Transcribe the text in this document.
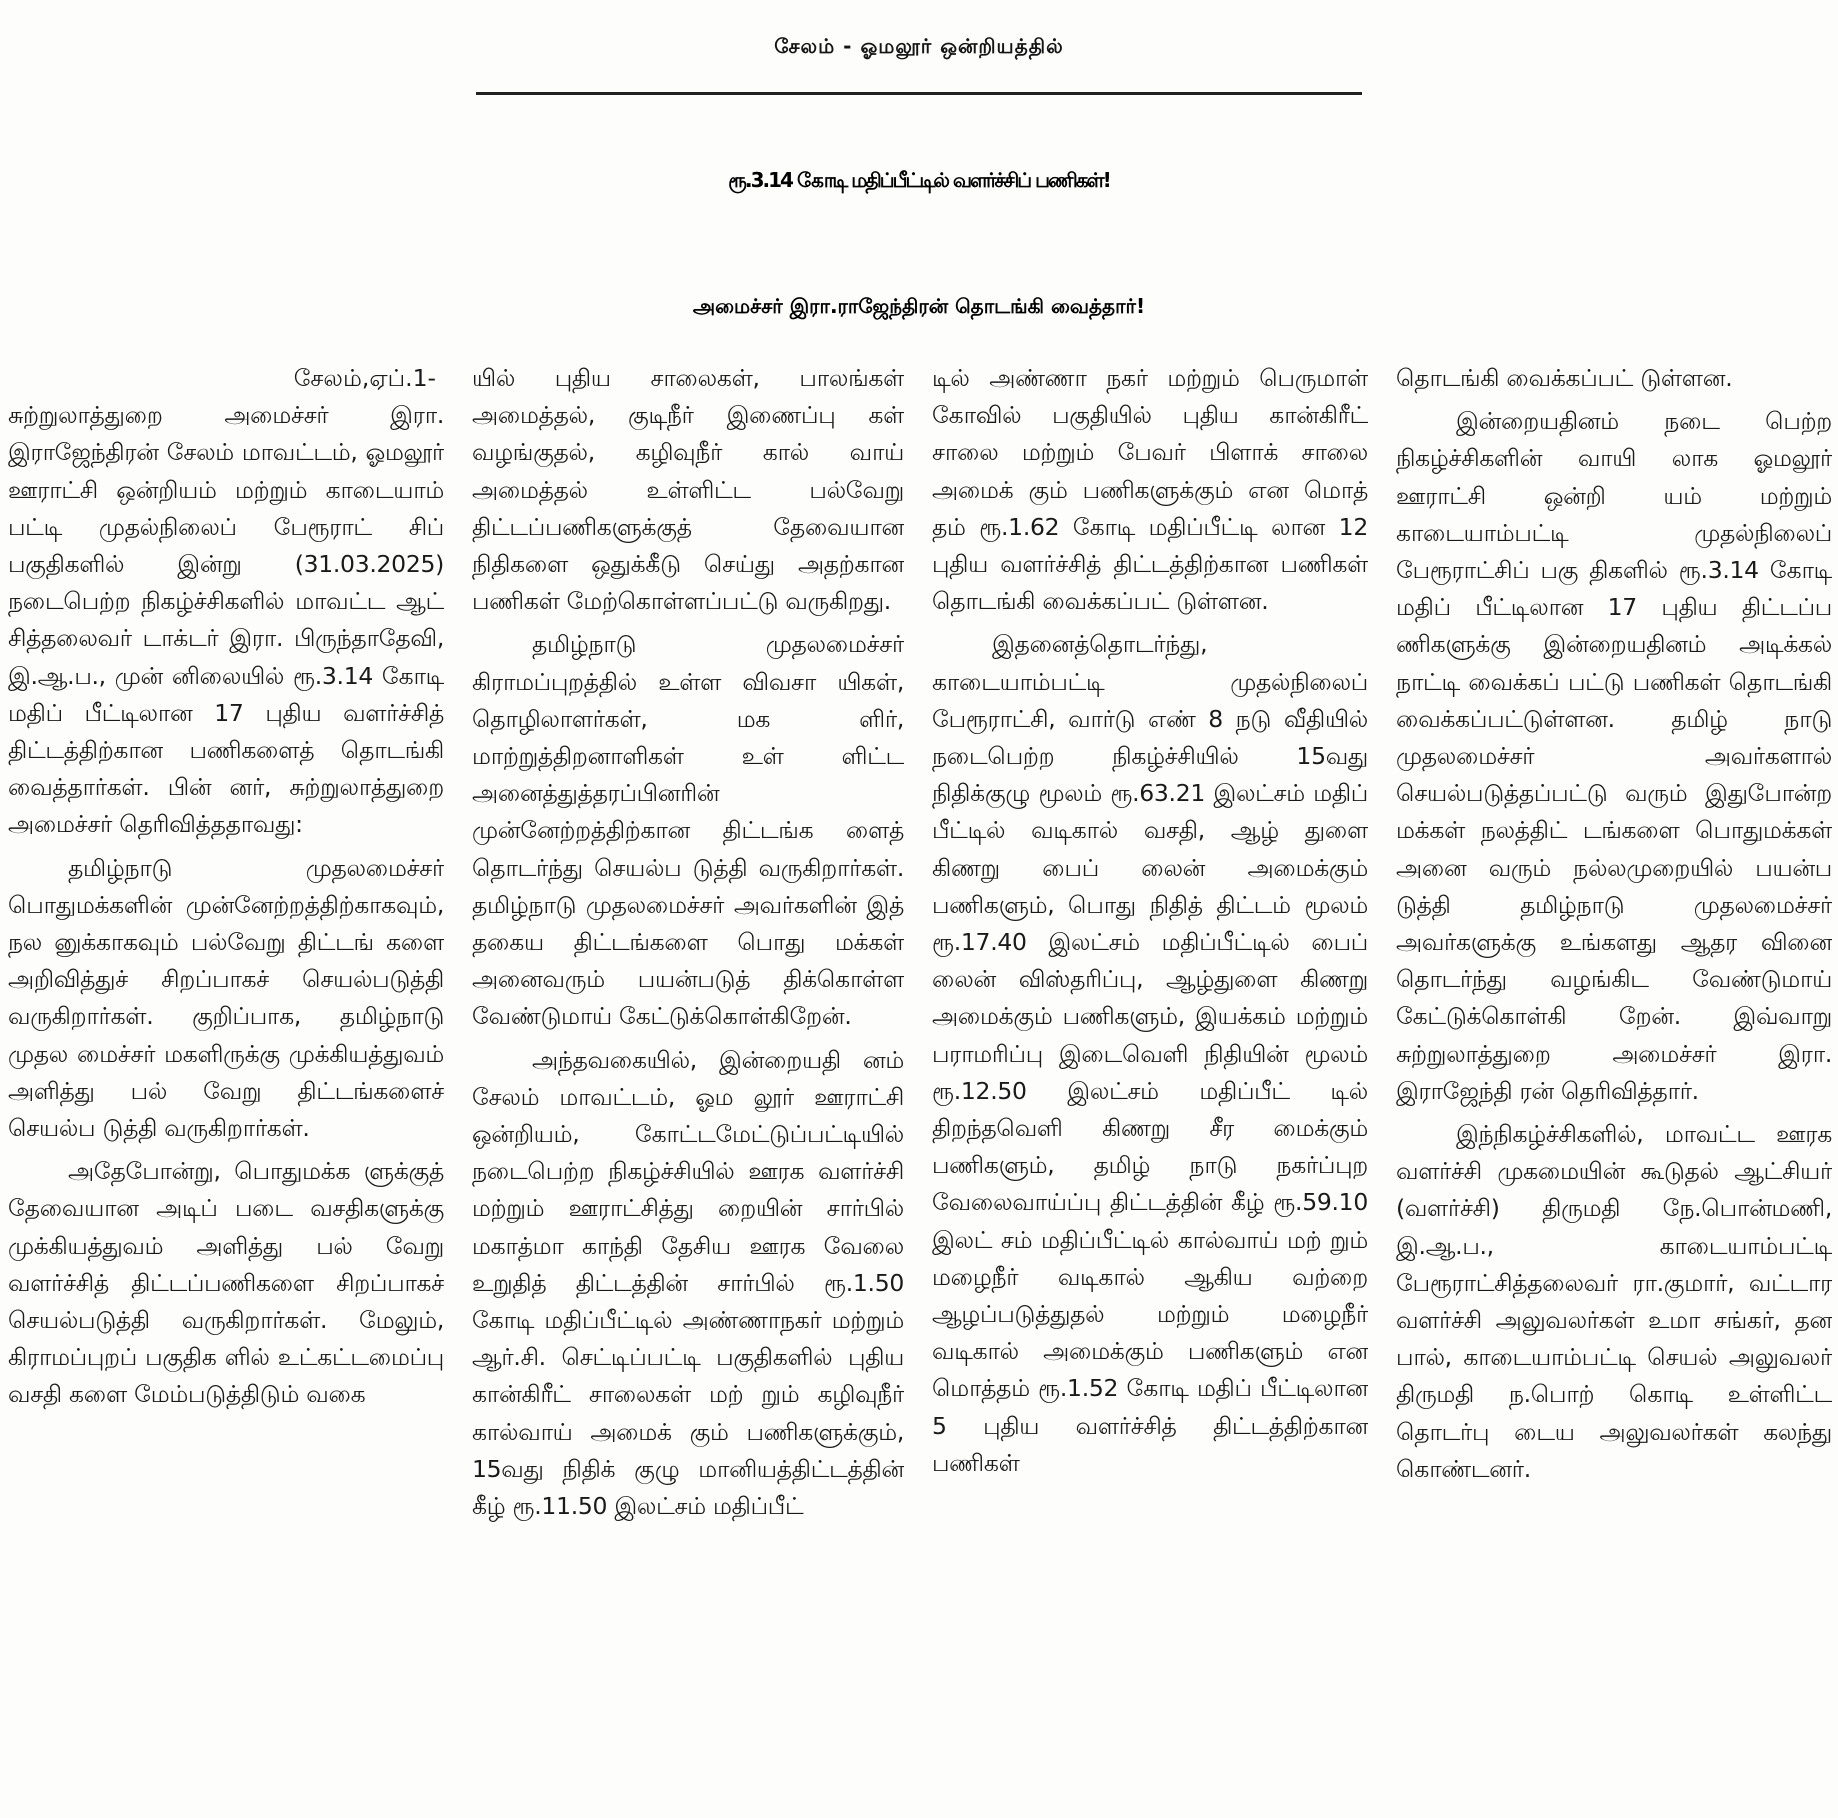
சேலம் - ஓமலூர் ஒன்றியத்தில்
ரூ.3.14 கோடி மதிப்பீட்டில் வளர்ச்சிப் பணிகள்!
அமைச்சர் இரா.ராஜேந்திரன் தொடங்கி வைத்தார்!

சேலம்,ஏப்.1-

சுற்றுலாத்துறை அமைச்சர் இரா. இராஜேந்திரன் சேலம் மாவட்டம், ஓமலூர் ஊராட்சி ஒன்றியம் மற்றும் காடையாம் பட்டி முதல்நிலைப் பேரூராட் சிப் பகுதிகளில் இன்று (31.03.2025) நடைபெற்ற நிகழ்ச்சிகளில் மாவட்ட ஆட் சித்தலைவர் டாக்டர் இரா. பிருந்தாதேவி, இ.ஆ.ப., முன் னிலையில் ரூ.3.14 கோடி மதிப் பீட்டிலான 17 புதிய வளர்ச்சித் திட்டத்திற்கான பணிகளைத் தொடங்கி வைத்தார்கள். பின் னர், சுற்றுலாத்துறை அமைச்சர் தெரிவித்ததாவது:

தமிழ்நாடு முதலமைச்சர் பொதுமக்களின் முன்னேற்றத்திற்காகவும், நல னுக்காகவும் பல்வேறு திட்டங் களை அறிவித்துச் சிறப்பாகச் செயல்படுத்தி வருகிறார்கள். குறிப்பாக, தமிழ்நாடு முதல மைச்சர் மகளிருக்கு முக்கியத்துவம் அளித்து பல் வேறு திட்டங்களைச் செயல்ப டுத்தி வருகிறார்கள்.

அதேபோன்று, பொதுமக்க ளுக்குத் தேவையான அடிப் படை வசதிகளுக்கு முக்கியத்துவம் அளித்து பல் வேறு வளர்ச்சித் திட்டப்பணிகளை சிறப்பாகச் செயல்படுத்தி வருகிறார்கள். மேலும், கிராமப்புறப் பகுதிக ளில் உட்கட்டமைப்பு வசதி களை மேம்படுத்திடும் வகை

யில் புதிய சாலைகள், பாலங்கள் அமைத்தல், குடிநீர் இணைப்பு கள் வழங்குதல், கழிவுநீர் கால் வாய் அமைத்தல் உள்ளிட்ட பல்வேறு திட்டப்பணிகளுக்குத் தேவையான நிதிகளை ஒதுக்கீடு செய்து அதற்கான பணிகள் மேற்கொள்ளப்பட்டு வருகிறது.

தமிழ்நாடு முதலமைச்சர் கிராமப்புறத்தில் உள்ள விவசா யிகள், தொழிலாளர்கள், மக ளிர், மாற்றுத்திறனாளிகள் உள் ளிட்ட அனைத்துத்தரப்பினரின் முன்னேற்றத்திற்கான திட்டங்க ளைத் தொடர்ந்து செயல்ப டுத்தி வருகிறார்கள். தமிழ்நாடு முதலமைச்சர் அவர்களின் இத் தகைய திட்டங்களை பொது மக்கள் அனைவரும் பயன்படுத் திக்கொள்ள வேண்டுமாய் கேட்டுக்கொள்கிறேன்.

அந்தவகையில், இன்றையதி னம் சேலம் மாவட்டம், ஓம லூர் ஊராட்சி ஒன்றியம், கோட்டமேட்டுப்பட்டியில் நடைபெற்ற நிகழ்ச்சியில் ஊரக வளர்ச்சி மற்றும் ஊராட்சித்து றையின் சார்பில் மகாத்மா காந்தி தேசிய ஊரக வேலை உறுதித் திட்டத்தின் சார்பில் ரூ.1.50 கோடி மதிப்பீட்டில் அண்ணாநகர் மற்றும் ஆர்.சி. செட்டிப்பட்டி பகுதிகளில் புதிய கான்கிரீட் சாலைகள் மற் றும் கழிவுநீர் கால்வாய் அமைக் கும் பணிகளுக்கும், 15வது நிதிக் குழு மானியத்திட்டத்தின் கீழ் ரூ.11.50 இலட்சம் மதிப்பீட்

டில் அண்ணா நகர் மற்றும் பெருமாள் கோவில் பகுதியில் புதிய கான்கிரீட் சாலை மற்றும் பேவர் பிளாக் சாலை அமைக் கும் பணிகளுக்கும் என மொத் தம் ரூ.1.62 கோடி மதிப்பீட்டி லான 12 புதிய வளர்ச்சித் திட்டத்திற்கான பணிகள் தொடங்கி வைக்கப்பட் டுள்ளன.

இதனைத்தொடர்ந்து, காடையாம்பட்டி முதல்நிலைப் பேரூராட்சி, வார்டு எண் 8 நடு வீதியில் நடைபெற்ற நிகழ்ச்சியில் 15வது நிதிக்குழு மூலம் ரூ.63.21 இலட்சம் மதிப் பீட்டில் வடிகால் வசதி, ஆழ் துளை கிணறு பைப் லைன் அமைக்கும் பணிகளும், பொது நிதித் திட்டம் மூலம் ரூ.17.40 இலட்சம் மதிப்பீட்டில் பைப் லைன் விஸ்தரிப்பு, ஆழ்துளை கிணறு அமைக்கும் பணிகளும், இயக்கம் மற்றும் பராமரிப்பு இடைவெளி நிதியின் மூலம் ரூ.12.50 இலட்சம் மதிப்பீட் டில் திறந்தவெளி கிணறு சீர மைக்கும் பணிகளும், தமிழ் நாடு நகர்ப்புற வேலைவாய்ப்பு திட்டத்தின் கீழ் ரூ.59.10 இலட் சம் மதிப்பீட்டில் கால்வாய் மற் றும் மழைநீர் வடிகால் ஆகிய வற்றை ஆழப்படுத்துதல் மற்றும் மழைநீர் வடிகால் அமைக்கும் பணிகளும் என மொத்தம் ரூ.1.52 கோடி மதிப் பீட்டிலான 5 புதிய வளர்ச்சித் திட்டத்திற்கான பணிகள்

தொடங்கி வைக்கப்பட் டுள்ளன.

இன்றையதினம் நடை பெற்ற நிகழ்ச்சிகளின் வாயி லாக ஓமலூர் ஊராட்சி ஒன்றி யம் மற்றும் காடையாம்பட்டி முதல்நிலைப் பேரூராட்சிப் பகு திகளில் ரூ.3.14 கோடி மதிப் பீட்டிலான 17 புதிய திட்டப்ப ணிகளுக்கு இன்றையதினம் அடிக்கல் நாட்டி வைக்கப் பட்டு பணிகள் தொடங்கி வைக்கப்பட்டுள்ளன. தமிழ் நாடு முதலமைச்சர் அவர்களால் செயல்படுத்தப்பட்டு வரும் இதுபோன்ற மக்கள் நலத்திட் டங்களை பொதுமக்கள் அனை வரும் நல்லமுறையில் பயன்ப டுத்தி தமிழ்நாடு முதலமைச்சர் அவர்களுக்கு உங்களது ஆதர வினை தொடர்ந்து வழங்கிட வேண்டுமாய் கேட்டுக்கொள்கி றேன். இவ்வாறு சுற்றுலாத்துறை அமைச்சர் இரா. இராஜேந்தி ரன் தெரிவித்தார்.

இந்நிகழ்ச்சிகளில், மாவட்ட ஊரக வளர்ச்சி முகமையின் கூடுதல் ஆட்சியர் (வளர்ச்சி) திருமதி நே.பொன்மணி, இ.ஆ.ப., காடையாம்பட்டி பேரூராட்சித்தலைவர் ரா.குமார், வட்டார வளர்ச்சி அலுவலர்கள் உமா சங்கர், தன பால், காடையாம்பட்டி செயல் அலுவலர் திருமதி ந.பொற் கொடி உள்ளிட்ட தொடர்பு டைய அலுவலர்கள் கலந்து கொண்டனர்.
